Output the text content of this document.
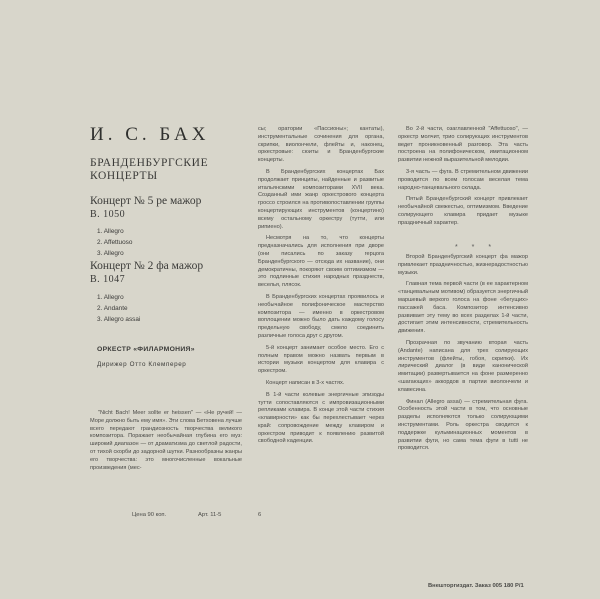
И. С. БАХ
БРАНДЕНБУРГСКИЕ
КОНЦЕРТЫ
Концерт № 5 ре мажор
B. 1050
1. Allegro
2. Affettuoso
3. Allegro
Концерт № 2 фа мажор
B. 1047
1. Allegro
2. Andante
3. Allegro assai
ОРКЕСТР «ФИЛАРМОНИЯ»
Дирижер Отто Клемперер

"Nicht Bach! Meer sollte er heissen" — «Не ручей! — Море должно быть ему имя». Эти слова Бетховена лучше всего передают грандиозность творчества великого композитора. Поражает необычайная глубина его муз: широкий диапазон — от драматизма до светлой радости, от тихой скорби до задорной шутки. Разнообразны жанры его творчества: это многочисленные вокальные произведения (мес-

сы; оратории «Пассионы»; кантаты), инструментальные сочинения для органа, скрипки, виолончели, флейты и, наконец, оркестровые: сюиты и Бранденбургские концерты.

В Бранденбургских концертах Бах продолжает принципы, найденные и развитые итальянскими композиторами XVII века. Созданный ими жанр оркестрового концерта гроссо строился на противопоставлении группы концертирующих инструментов (концертино) всему остальному оркестру (тутти, или рипиено).

Несмотря на то, что концерты предназначались для исполнения при дворе (они писались по заказу герцога Бранденбургского — отсюда их название), они демократичны, покоряют своим оптимизмом — это подлинные стихия народных празднеств, веселья, плясок.

В Бранденбургских концертах проявилось и необычайное полифоническое мастерство композитора — именно в оркестровом воплощении можно было дать каждому голосу предельную свободу, смело соединить различные голоса друг с другом.

5-й концерт занимает особое место. Его с полным правом можно назвать первым в истории музыки концертом для клавира с оркестром.

Концерт написан в 3-х частях.

В 1-й части колевые энергичные эпизоды тутти сопоставляются с импровизационными репликами клавира. В конце этой части стихия «клавирности» как бы перехлестывает через край: сопровождение между клавиром и оркестром приводит к появлению развитой свободной каденции.

Во 2-й части, озаглавленной "Affettuoso", — оркестр молчит, трио солирующих инструментов ведет проникновенный разговор. Эта часть построена на полифоническом, имитационном развитии нежной выразительной мелодии.

3-я часть — фуга. В стремительном движении проводится по всем голосам веселая тема народно-танцевального склада.

Пятый Бранденбургский концерт привлекает необычайной свежестью, оптимизмом. Введение солирующего клавира придает музыке праздничный характер.

* * *

Второй Бранденбургский концерт фа мажор привлекает праздничностью, жизнерадостностью музыки.

Главная тема первой части (в ее характерном «танцевальным мотивом) образуется энергичный маршевый веркого голоса на фоне «бегущих» пассажей баса. Композитор интенсивно развивает эту тему во всех разделах 1-й части, достигает этим интенсивности, стремительность движения.

Прозрачная по звучанию вторая часть (Andante) написана для трех солирующих инструментов (флейты, гобоя, скрипки). Их лирический диалог (в виде канонической имитации) развертывается на фоне размеренно «шагающих» аккордов в партии виолончели и клавесина.

Финал (Allegro assai) — стремительная фуга. Особенность этой части в том, что основные разделы исполняются только солирующими инструментами. Роль оркестра сводится к поддержке кульминационных моментов в развитии фуги, но сама тема фуги в tutti не проводится.

Цена 90 коп.	Арт. 11-5	6
Внешторгиздат. Заказ 005 180 Р/1
